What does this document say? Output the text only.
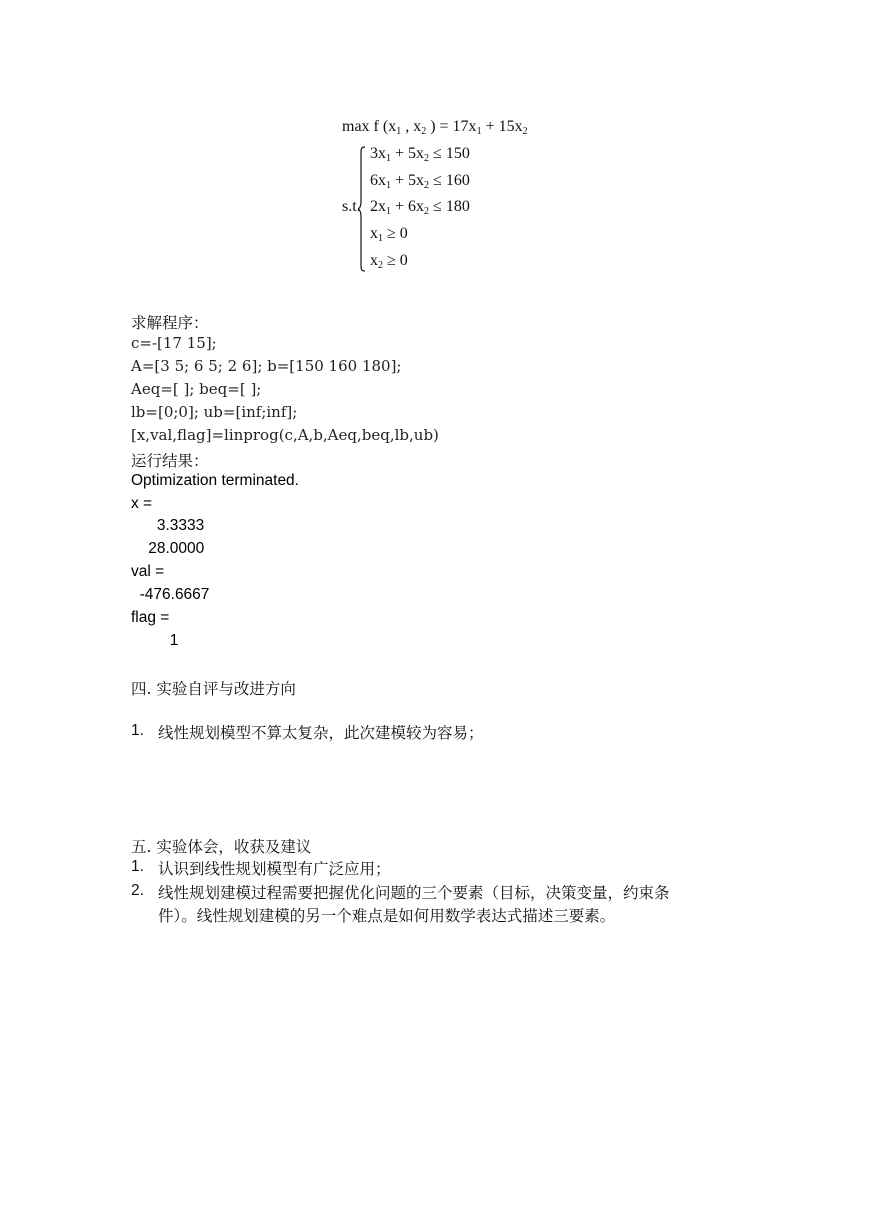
max f ($x_1$ , $x_2$ ) = $17x_1 + 15x_2$
s.t.
$3x_1 + 5x_2 \le 150$
$6x_1 + 5x_2 \le 160$
$2x_1 + 6x_2 \le 180$
$x_1 \ge 0$
$x_2 \ge 0$
求解程序：
c=-[17 15];
A=[3 5; 6 5; 2 6]; b=[150 160 180];
Aeq=[ ]; beq=[ ];
lb=[0;0]; ub=[inf;inf];
[x,val,flag]=linprog(c,A,b,Aeq,beq,lb,ub)
运行结果：
Optimization terminated.
x =
3.3333
28.0000
val =
-476.6667
flag =
1
四. 实验自评与改进方向
1. 线性规划模型不算太复杂，此次建模较为容易；
五. 实验体会，收获及建议
1. 认识到线性规划模型有广泛应用；
2. 线性规划建模过程需要把握优化问题的三个要素（目标，决策变量，约束条
件）。线性规划建模的另一个难点是如何用数学表达式描述三要素。
